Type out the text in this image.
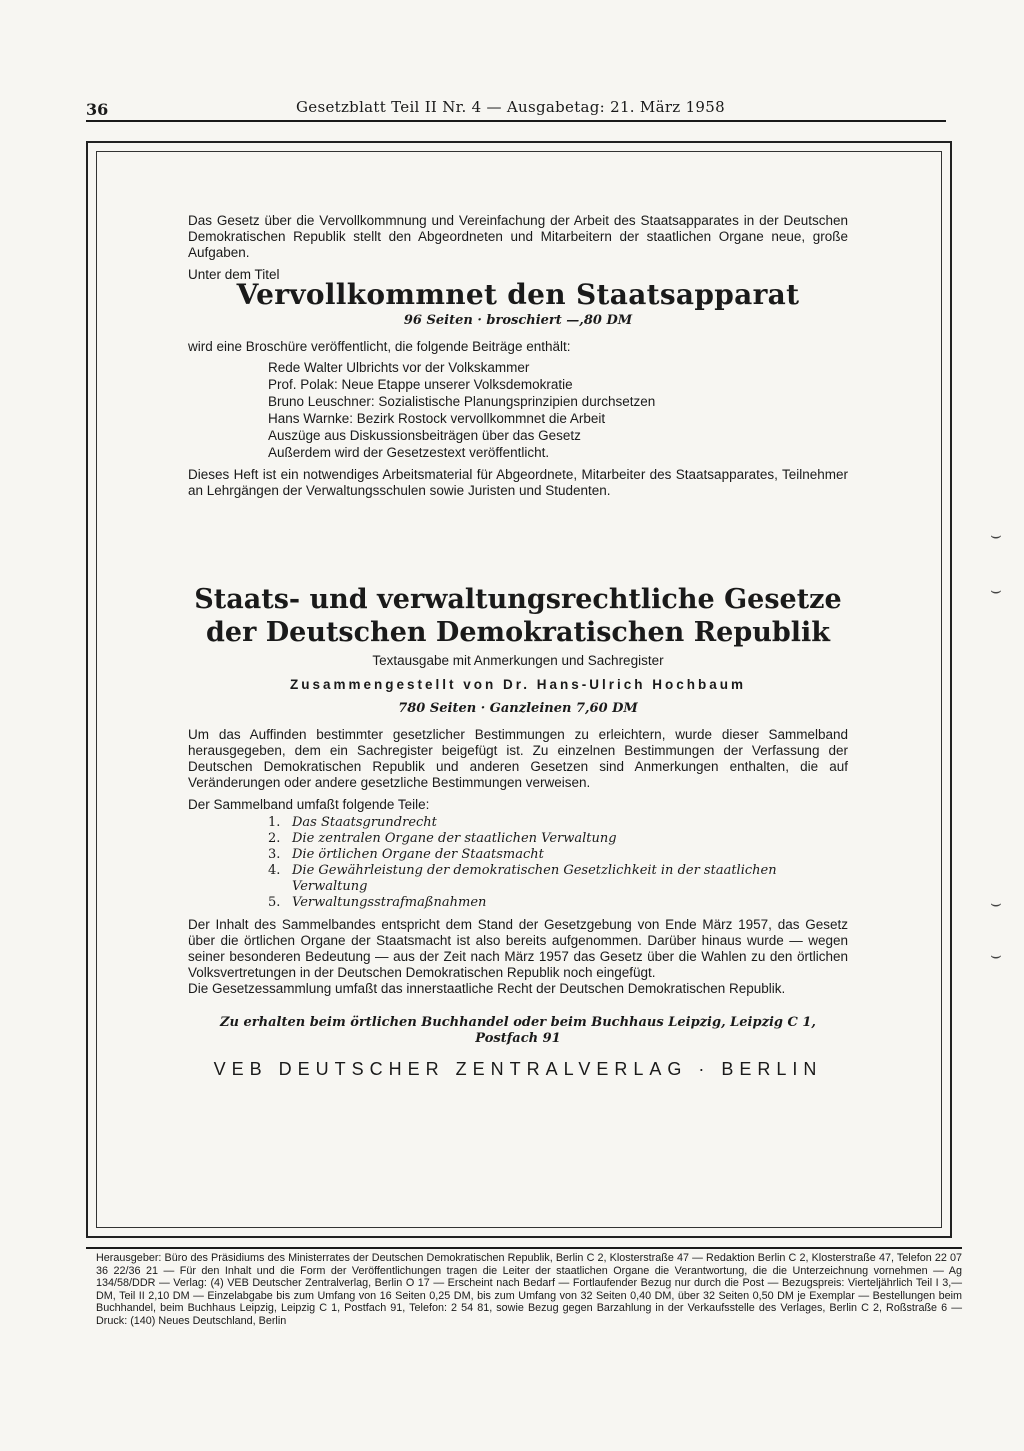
36	Gesetzblatt Teil II Nr. 4 — Ausgabetag: 21. März 1958

Das Gesetz über die Vervollkommnung und Vereinfachung der Arbeit des Staatsapparates in der Deutschen Demokratischen Republik stellt den Abgeordneten und Mitarbeitern der staatlichen Organe neue, große Aufgaben.

Unter dem Titel

Vervollkommnet den Staatsapparat
96 Seiten · broschiert —,80 DM

wird eine Broschüre veröffentlicht, die folgende Beiträge enthält:

Rede Walter Ulbrichts vor der Volkskammer
Prof. Polak: Neue Etappe unserer Volksdemokratie
Bruno Leuschner: Sozialistische Planungsprinzipien durchsetzen
Hans Warnke: Bezirk Rostock vervollkommnet die Arbeit
Auszüge aus Diskussionsbeiträgen über das Gesetz
Außerdem wird der Gesetzestext veröffentlicht.

Dieses Heft ist ein notwendiges Arbeitsmaterial für Abgeordnete, Mitarbeiter des Staatsapparates, Teilnehmer an Lehrgängen der Verwaltungsschulen sowie Juristen und Studenten.

Staats- und verwaltungsrechtliche Gesetze
der Deutschen Demokratischen Republik
Textausgabe mit Anmerkungen und Sachregister
Zusammengestellt von Dr. Hans-Ulrich Hochbaum
780 Seiten · Ganzleinen 7,60 DM

Um das Auffinden bestimmter gesetzlicher Bestimmungen zu erleichtern, wurde dieser Sammelband herausgegeben, dem ein Sachregister beigefügt ist. Zu einzelnen Bestimmungen der Verfassung der Deutschen Demokratischen Republik und anderen Gesetzen sind Anmerkungen enthalten, die auf Veränderungen oder andere gesetzliche Bestimmungen verweisen.

Der Sammelband umfaßt folgende Teile:

1. Das Staatsgrundrecht
2. Die zentralen Organe der staatlichen Verwaltung
3. Die örtlichen Organe der Staatsmacht
4. Die Gewährleistung der demokratischen Gesetzlichkeit in der staatlichen Verwaltung
5. Verwaltungsstrafmaßnahmen

Der Inhalt des Sammelbandes entspricht dem Stand der Gesetzgebung von Ende März 1957, das Gesetz über die örtlichen Organe der Staatsmacht ist also bereits aufgenommen. Darüber hinaus wurde — wegen seiner besonderen Bedeutung — aus der Zeit nach März 1957 das Gesetz über die Wahlen zu den örtlichen Volksvertretungen in der Deutschen Demokratischen Republik noch eingefügt.

Die Gesetzessammlung umfaßt das innerstaatliche Recht der Deutschen Demokratischen Republik.

Zu erhalten beim örtlichen Buchhandel oder beim Buchhaus Leipzig, Leipzig C 1,
Postfach 91
VEB DEUTSCHER ZENTRALVERLAG · BERLIN
Herausgeber: Büro des Präsidiums des Ministerrates der Deutschen Demokratischen Republik, Berlin C 2, Klosterstraße 47 — Redaktion Berlin C 2, Klosterstraße 47, Telefon 22 07 36 22/36 21 — Für den Inhalt und die Form der Veröffentlichungen tragen die Leiter der staatlichen Organe die Verantwortung, die die Unterzeichnung vornehmen — Ag 134/58/DDR — Verlag: (4) VEB Deutscher Zentralverlag, Berlin O 17 — Erscheint nach Bedarf — Fortlaufender Bezug nur durch die Post — Bezugspreis: Vierteljährlich Teil I 3,— DM, Teil II 2,10 DM — Einzelabgabe bis zum Umfang von 16 Seiten 0,25 DM, bis zum Umfang von 32 Seiten 0,40 DM, über 32 Seiten 0,50 DM je Exemplar — Bestellungen beim Buchhandel, beim Buchhaus Leipzig, Leipzig C 1, Postfach 91, Telefon: 2 54 81, sowie Bezug gegen Barzahlung in der Verkaufsstelle des Verlages, Berlin C 2, Roßstraße 6 — Druck: (140) Neues Deutschland, Berlin
⌣
⌣
⌣
⌣
